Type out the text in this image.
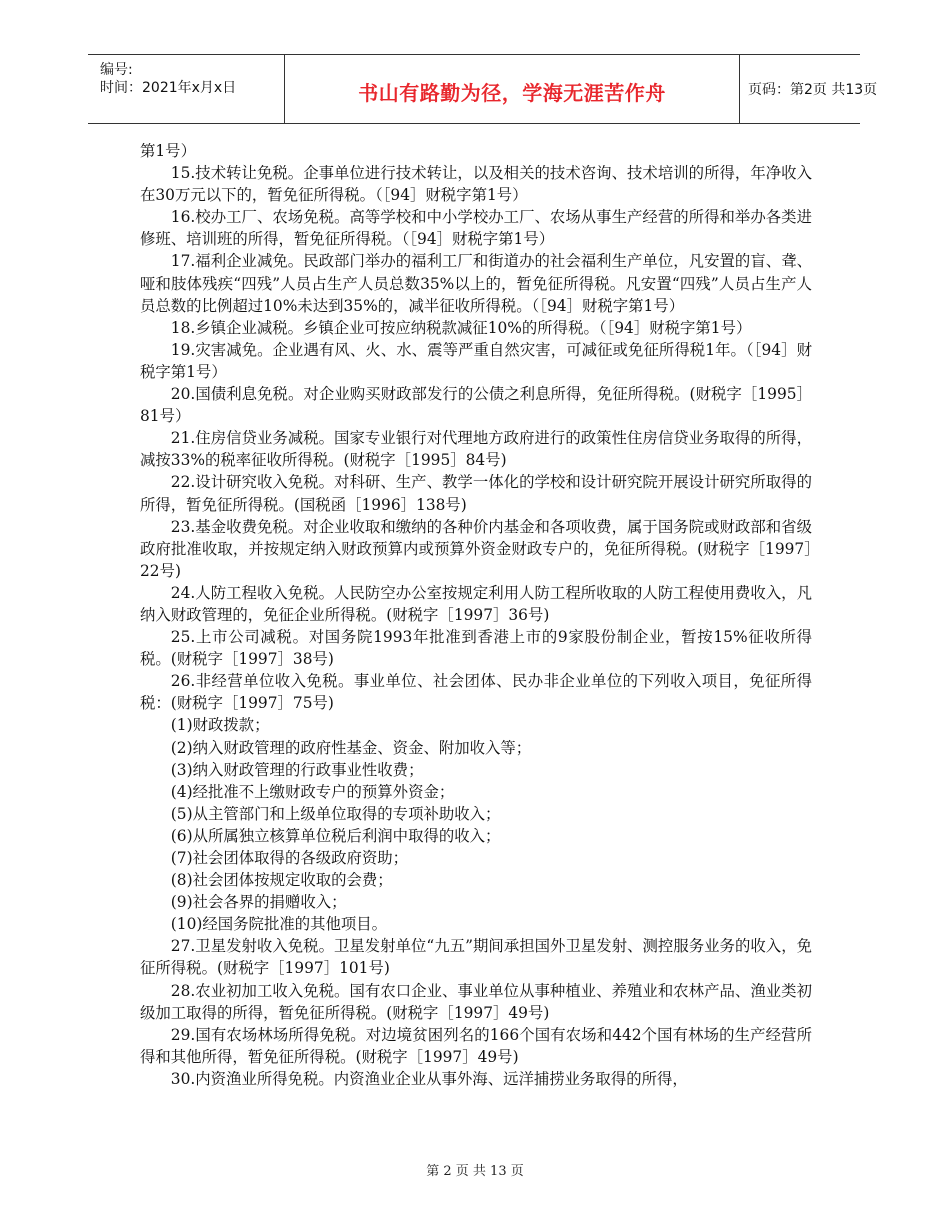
编号:
时间：2021年x月x日	书山有路勤为径，学海无涯苦作舟	页码：第2页 共13页

第1号）

15.技术转让免税。企事单位进行技术转让，以及相关的技术咨询、技术培训的所得，年净收入在30万元以下的，暂免征所得税。（［94］财税字第1号）

16.校办工厂、农场免税。高等学校和中小学校办工厂、农场从事生产经营的所得和举办各类进修班、培训班的所得，暂免征所得税。（［94］财税字第1号）

17.福利企业减免。民政部门举办的福利工厂和街道办的社会福利生产单位，凡安置的盲、聋、哑和肢体残疾“四残”人员占生产人员总数35%以上的，暂免征所得税。凡安置“四残”人员占生产人员总数的比例超过10%未达到35%的，减半征收所得税。（［94］财税字第1号）

18.乡镇企业减税。乡镇企业可按应纳税款减征10%的所得税。（［94］财税字第1号）

19.灾害减免。企业遇有风、火、水、震等严重自然灾害，可减征或免征所得税1年。（［94］财税字第1号）

20.国债利息免税。对企业购买财政部发行的公债之利息所得，免征所得税。(财税字［1995］81号）

21.住房信贷业务减税。国家专业银行对代理地方政府进行的政策性住房信贷业务取得的所得，减按33%的税率征收所得税。(财税字［1995］84号)

22.设计研究收入免税。对科研、生产、教学一体化的学校和设计研究院开展设计研究所取得的所得，暂免征所得税。(国税函［1996］138号)

23.基金收费免税。对企业收取和缴纳的各种价内基金和各项收费，属于国务院或财政部和省级政府批准收取，并按规定纳入财政预算内或预算外资金财政专户的，免征所得税。(财税字［1997］22号)

24.人防工程收入免税。人民防空办公室按规定利用人防工程所收取的人防工程使用费收入，凡纳入财政管理的，免征企业所得税。(财税字［1997］36号)

25.上市公司减税。对国务院1993年批准到香港上市的9家股份制企业，暂按15%征收所得税。(财税字［1997］38号)

26.非经营单位收入免税。事业单位、社会团体、民办非企业单位的下列收入项目，免征所得税：(财税字［1997］75号)

(1)财政拨款；

(2)纳入财政管理的政府性基金、资金、附加收入等；

(3)纳入财政管理的行政事业性收费；

(4)经批准不上缴财政专户的预算外资金；

(5)从主管部门和上级单位取得的专项补助收入；

(6)从所属独立核算单位税后利润中取得的收入；

(7)社会团体取得的各级政府资助；

(8)社会团体按规定收取的会费；

(9)社会各界的捐赠收入；

(10)经国务院批准的其他项目。

27.卫星发射收入免税。卫星发射单位“九五”期间承担国外卫星发射、测控服务业务的收入，免征所得税。(财税字［1997］101号)

28.农业初加工收入免税。国有农口企业、事业单位从事种植业、养殖业和农林产品、渔业类初级加工取得的所得，暂免征所得税。(财税字［1997］49号)

29.国有农场林场所得免税。对边境贫困列名的166个国有农场和442个国有林场的生产经营所得和其他所得，暂免征所得税。(财税字［1997］49号)

30.内资渔业所得免税。内资渔业企业从事外海、远洋捕捞业务取得的所得，

第 2 页 共 13 页
